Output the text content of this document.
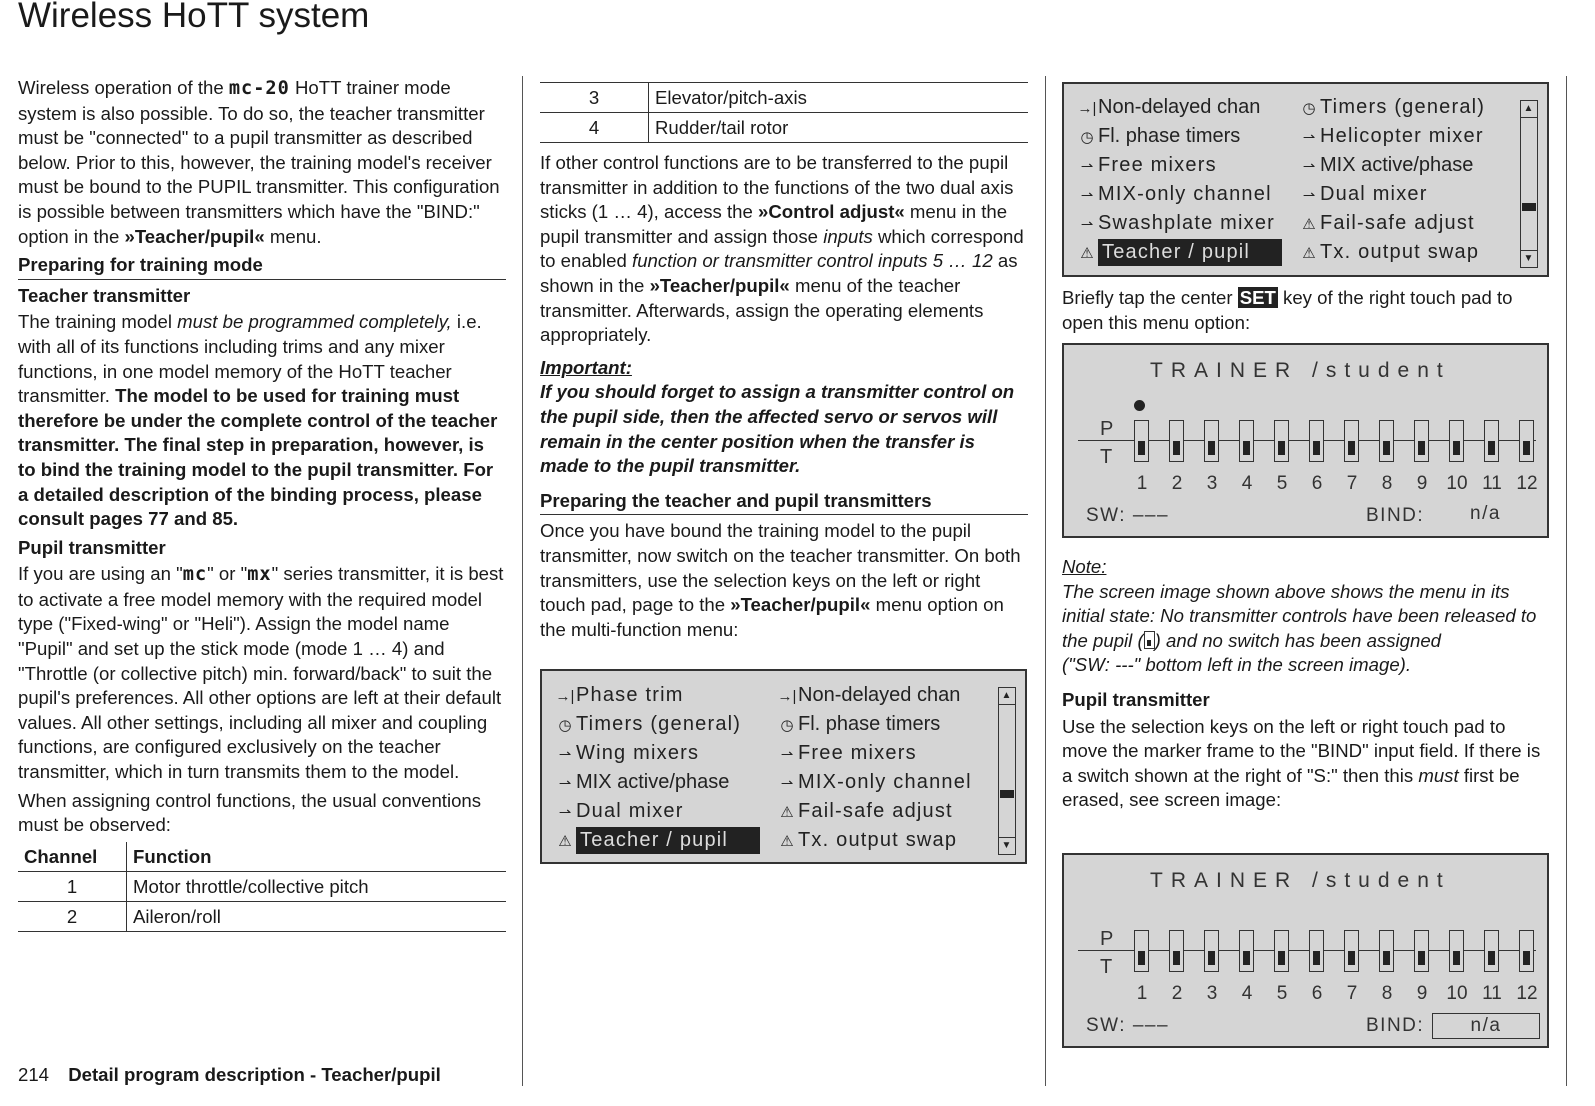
Wireless HoTT system

Wireless operation of the mc-20 HoTT trainer mode system is also possible. To do so, the teacher transmitter must be "connected" to a pupil transmitter as described below. Prior to this, however, the training model's receiver must be bound to the PUPIL transmitter. This configuration is possible between transmitters which have the "BIND:" option in the »Teacher/pupil« menu.

Preparing for training mode
Teacher transmitter

The training model must be programmed completely, i.e. with all of its functions including trims and any mixer functions, in one model memory of the HoTT teacher transmitter. The model to be used for training must therefore be under the complete control of the teacher transmitter. The final step in preparation, however, is to bind the training model to the pupil transmitter. For a detailed description of the binding process, please consult pages 77 and 85.

Pupil transmitter

If you are using an "mc" or "mx" series transmitter, it is best to activate a free model memory with the required model type ("Fixed-wing" or "Heli"). Assign the model name "Pupil" and set up the stick mode (mode 1 … 4) and "Throttle (or collective pitch) min. forward/back" to suit the pupil's preferences. All other options are left at their default values. All other settings, including all mixer and coupling functions, are configured exclusively on the teacher transmitter, which in turn transmits them to the model.

When assigning control functions, the usual conventions must be observed:

Channel	Function
1	Motor throttle/collective pitch
2	Aileron/roll
3	Elevator/pitch-axis
4	Rudder/tail rotor

If other control functions are to be transferred to the pupil transmitter in addition to the functions of the two dual axis sticks (1 … 4), access the »Control adjust« menu in the pupil transmitter and assign those inputs which correspond to enabled function or transmitter control inputs 5 … 12 as shown in the »Teacher/pupil« menu of the teacher transmitter. Afterwards, assign the operating elements appropriately.

Important:
If you should forget to assign a transmitter control on the pupil side, then the affected servo or servos will remain in the center position when the transfer is made to the pupil transmitter.

Preparing the teacher and pupil transmitters

Once you have bound the training model to the pupil transmitter, now switch on the teacher transmitter. On both transmitters, use the selection keys on the left or right touch pad, page to the »Teacher/pupil« menu option on the multi-function menu:

→|Phase trim	→|Non-delayed chan
◷ Timers (general)	◷ Fl. phase timers
⇀ Wing mixers	⇀ Free mixers
⇀ MIX active/phase	⇀ MIX-only channel
⇀ Dual mixer	⚠ Fail-safe adjust
⚠ Teacher / pupil	⚠ Tx. output swap
▲
▼
→|Non-delayed chan	◷ Timers (general)
◷ Fl. phase timers	⇀ Helicopter mixer
⇀ Free mixers	⇀ MIX active/phase
⇀ MIX-only channel	⇀ Dual mixer
⇀ Swashplate mixer ⚠ Fail-safe adjust
⚠ Teacher / pupil	⚠ Tx. output swap
▲
▼

Briefly tap the center SET key of the right touch pad to open this menu option:

TRAINER /student
P
T
SW: –––	BIND: n/a
1	2	3	4	5	6	7	8	9	10 11 12

Note:
The screen image shown above shows the menu in its initial state: No transmitter controls have been released to the pupil ( ) and no switch has been assigned
("SW: ---" bottom left in the screen image).

Pupil transmitter

Use the selection keys on the left or right touch pad to move the marker frame to the "BIND" input field. If there is a switch shown at the right of "S:" then this must first be erased, see screen image:

TRAINER /student
P
T
SW: –––	BIND:	n/a
1	2	3	4	5	6	7	8	9	10 11 12
214 Detail program description - Teacher/pupil
